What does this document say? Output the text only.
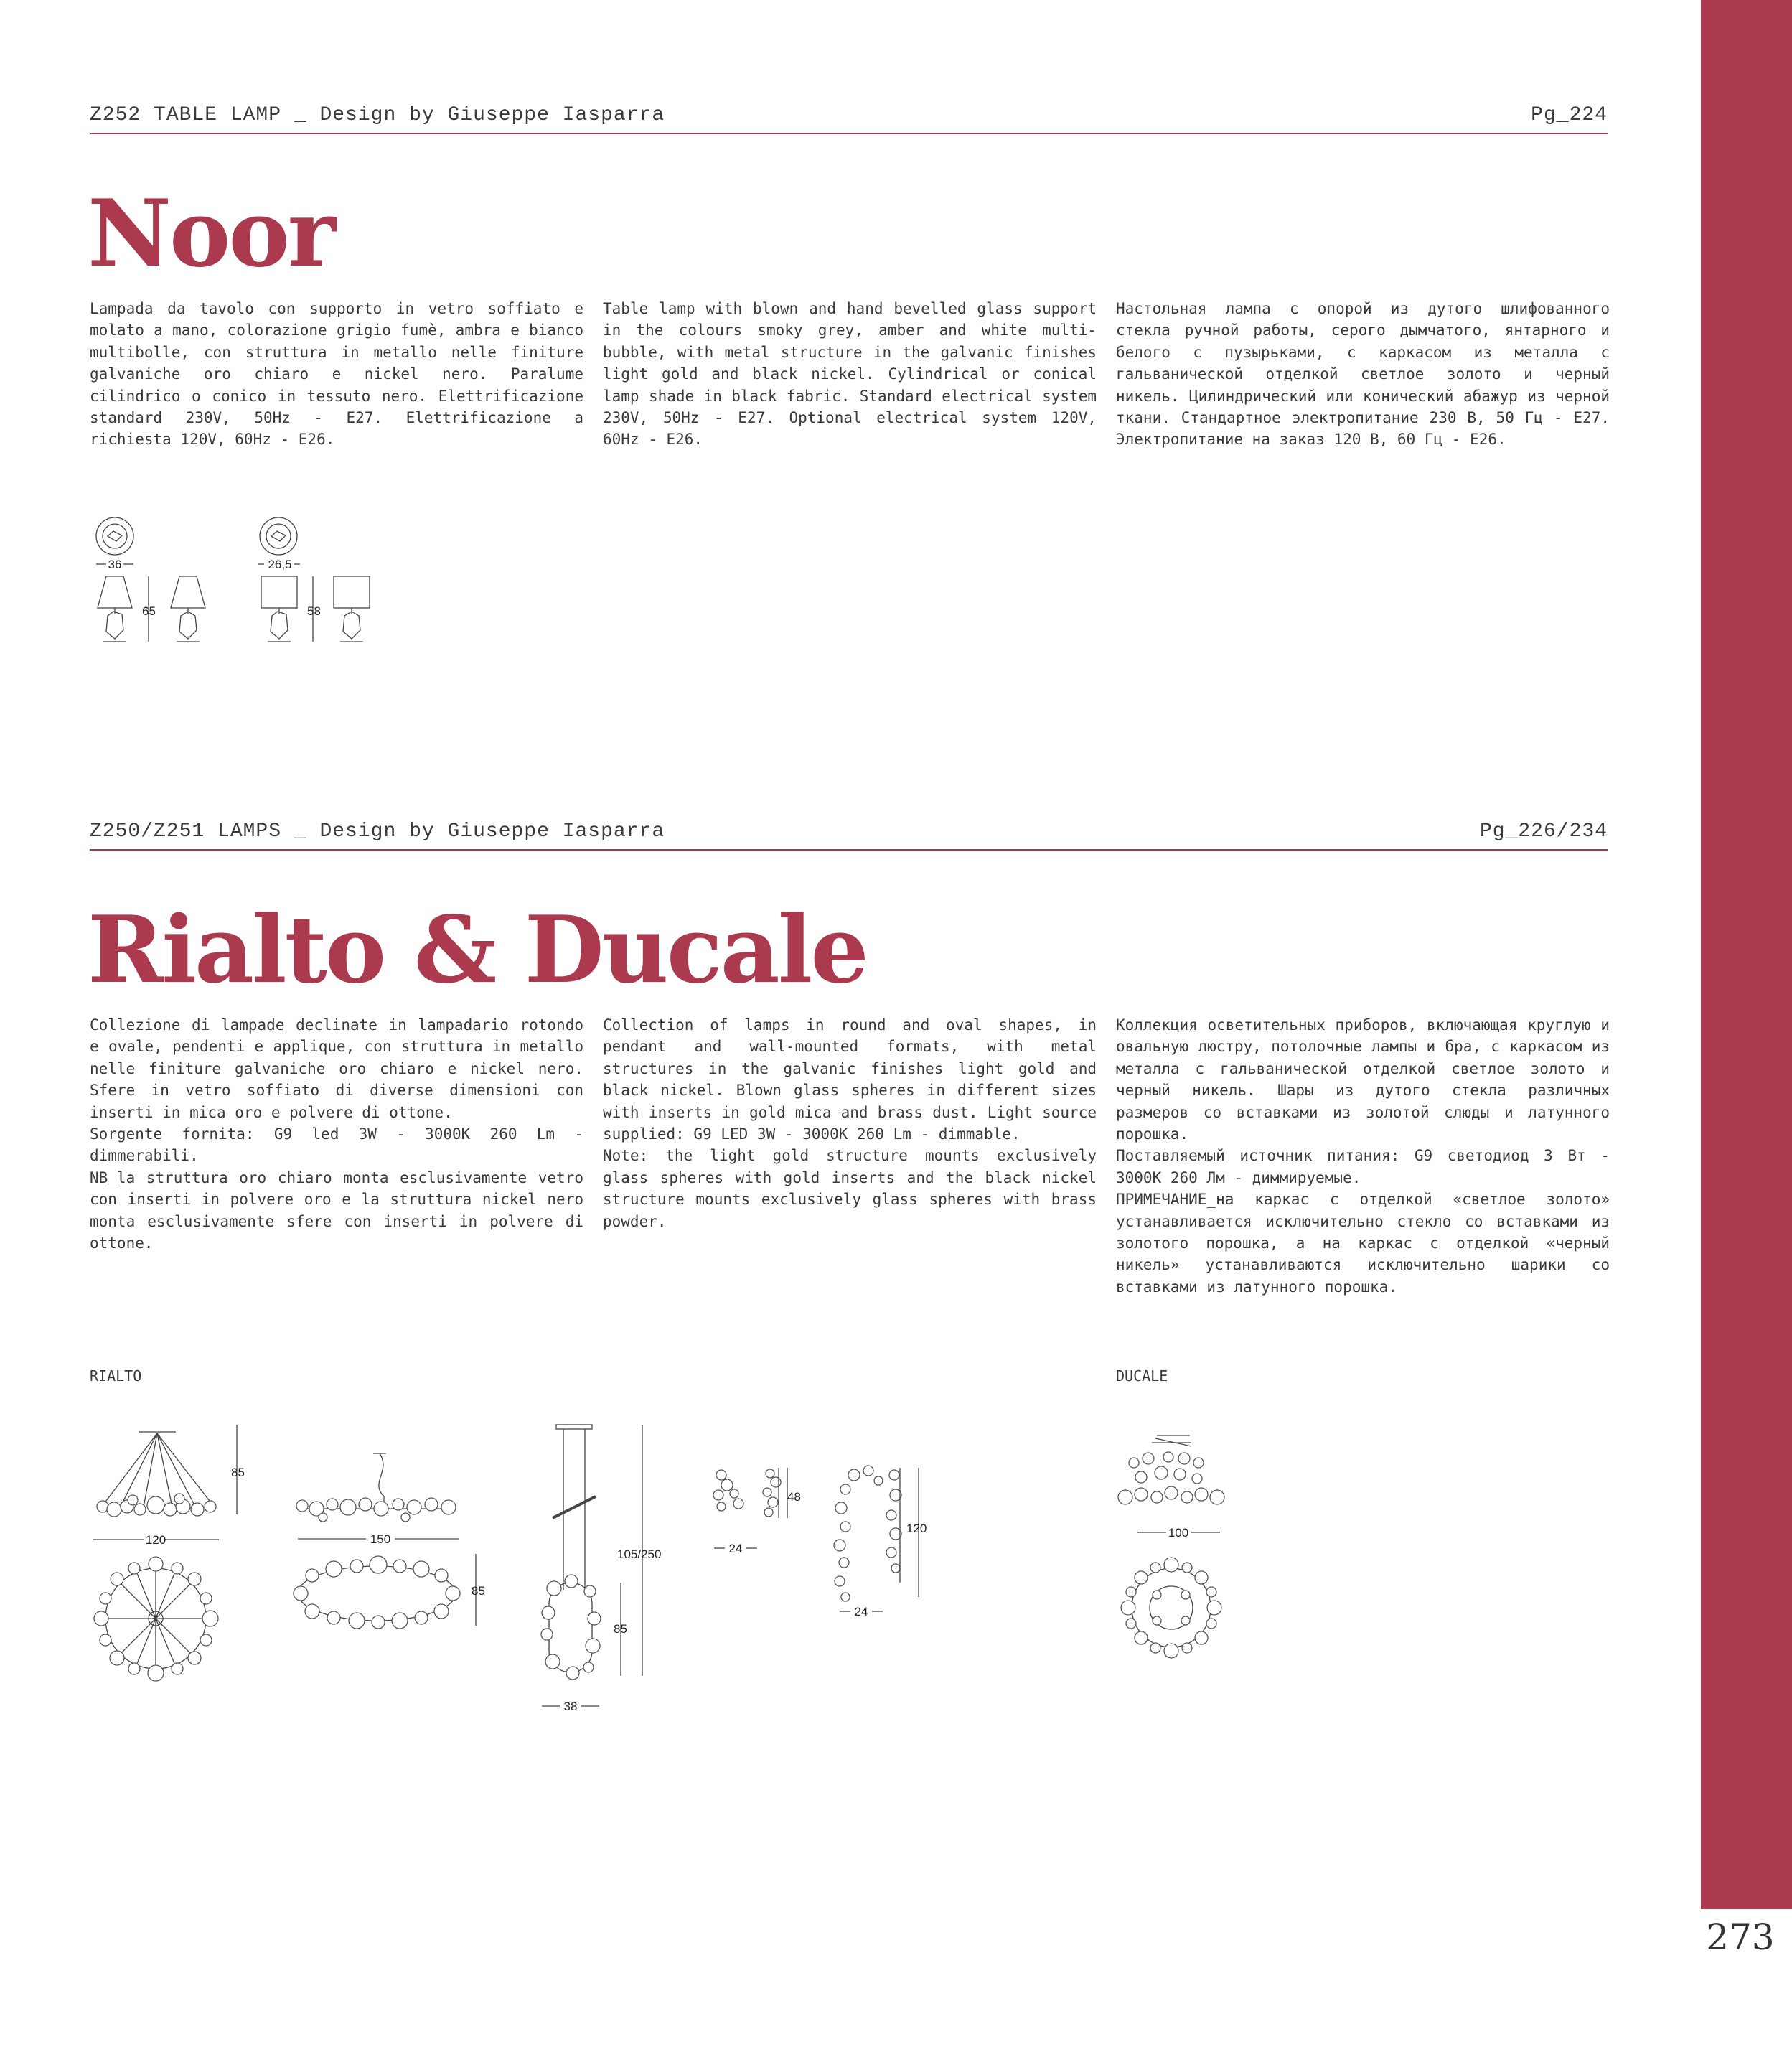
273
Z252 TABLE LAMP _ Design by Giuseppe Iasparra	Pg_224
Noor

Lampada da tavolo con supporto in vetro soffiato e molato a mano, colorazione grigio fumè, ambra e bianco multibolle, con struttura in metallo nelle finiture galvaniche oro chiaro e nickel nero. Paralume cilindrico o conico in tessuto nero. Elettrificazione standard 230V, 50Hz - E27. Elettrificazione a richiesta 120V, 60Hz - E26.

Table lamp with blown and hand bevelled glass support in the colours smoky grey, amber and white multi-bubble, with metal structure in the galvanic finishes light gold and black nickel. Cylindrical or conical lamp shade in black fabric. Standard electrical system 230V, 50Hz - E27. Optional electrical system 120V, 60Hz - E26.

Настольная лампа с опорой из дутого шлифованного стекла ручной работы, серого дымчатого, янтарного и белого с пузырьками, с каркасом из металла с гальванической отделкой светлое золото и черный никель. Цилиндрический или конический абажур из черной ткани. Стандартное электропитание 230 В, 50 Гц - E27. Электропитание на заказ 120 В, 60 Гц - E26.

36
65
26,5
58
Z250/Z251 LAMPS _ Design by Giuseppe Iasparra	Pg_226/234
Rialto & Ducale

Collezione di lampade declinate in lampadario rotondo e ovale, pendenti e applique, con struttura in metallo nelle finiture galvaniche oro chiaro e nickel nero. Sfere in vetro soffiato di diverse dimensioni con inserti in mica oro e polvere di ottone.

Sorgente fornita: G9 led 3W - 3000K 260 Lm - dimmerabili.

NB_la struttura oro chiaro monta esclusivamente vetro con inserti in polvere oro e la struttura nickel nero monta esclusivamente sfere con inserti in polvere di ottone.

Collection of lamps in round and oval shapes, in pendant and wall-mounted formats, with metal structures in the galvanic finishes light gold and black nickel. Blown glass spheres in different sizes with inserts in gold mica and brass dust. Light source supplied: G9 LED 3W - 3000K 260 Lm - dimmable.

Note: the light gold structure mounts exclusively glass spheres with gold inserts and the black nickel structure mounts exclusively glass spheres with brass powder.

Коллекция осветительных приборов, включающая круглую и овальную люстру, потолочные лампы и бра, с каркасом из металла с гальванической отделкой светлое золото и черный никель. Шары из дутого стекла различных размеров со вставками из золотой слюды и латунного порошка.

Поставляемый источник питания: G9 светодиод 3 Вт - 3000K 260 Лм - диммируемые.

ПРИМЕЧАНИЕ_на каркас с отделкой «светлое золото» устанавливается исключительно стекло со вставками из золотого порошка, а на каркас с отделкой «черный никель» устанавливаются исключительно шарики со вставками из латунного порошка.

RIALTO	DUCALE
85
120	150
85
105/250
85
38
48
24
120
24
100
